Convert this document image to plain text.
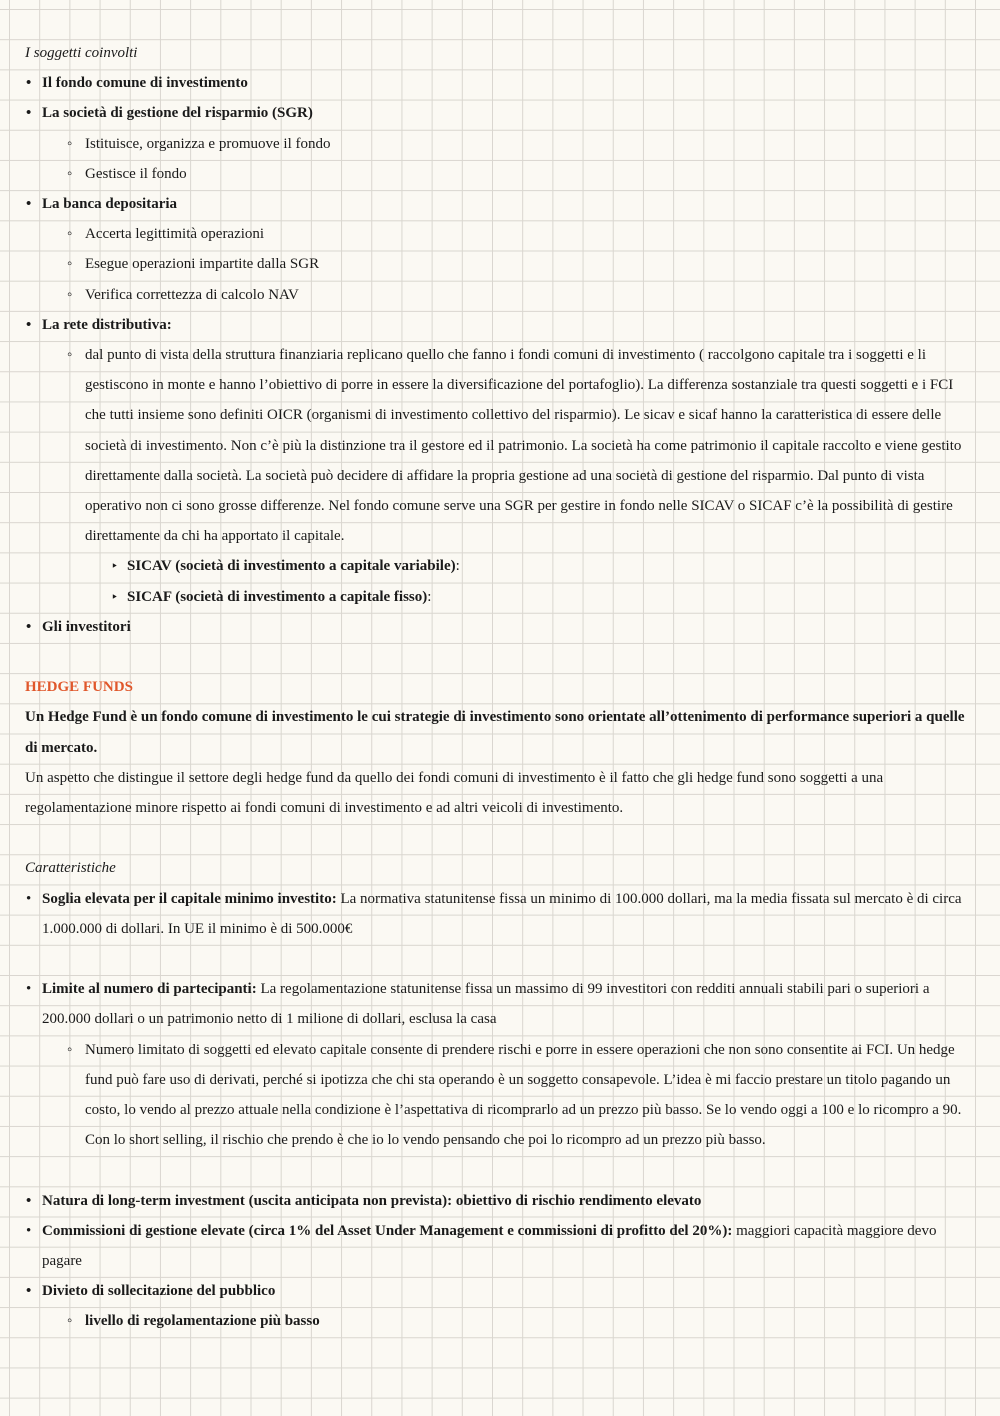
I soggetti coinvolti

• Il fondo comune di investimento
• La società di gestione del risparmio (SGR)
◦ Istituisce, organizza e promuove il fondo
◦ Gestisce il fondo
• La banca depositaria
◦ Accerta legittimità operazioni
◦ Esegue operazioni impartite dalla SGR
◦ Verifica correttezza di calcolo NAV
• La rete distributiva:
◦ dal punto di vista della struttura finanziaria replicano quello che fanno i fondi comuni di investimento ( raccolgono capitale tra i soggetti e li gestiscono in monte e hanno l’obiettivo di porre in essere la diversificazione del portafoglio). La differenza sostanziale tra questi soggetti e i FCI che tutti insieme sono definiti OICR (organismi di investimento collettivo del risparmio). Le sicav e sicaf hanno la caratteristica di essere delle società di investimento. Non c’è più la distinzione tra il gestore ed il patrimonio. La società ha come patrimonio il capitale raccolto e viene gestito direttamente dalla società. La società può decidere di affidare la propria gestione ad una società di gestione del risparmio. Dal punto di vista operativo non ci sono grosse differenze. Nel fondo comune serve una SGR per gestire in fondo nelle SICAV o SICAF c’è la possibilità di gestire direttamente da chi ha apportato il capitale.
‣ SICAV (società di investimento a capitale variabile):
‣ SICAF (società di investimento a capitale fisso):
• Gli investitori

HEDGE FUNDS

Un Hedge Fund è un fondo comune di investimento le cui strategie di investimento sono orientate all’ottenimento di performance superiori a quelle di mercato.

Un aspetto che distingue il settore degli hedge fund da quello dei fondi comuni di investimento è il fatto che gli hedge fund sono soggetti a una regolamentazione minore rispetto ai fondi comuni di investimento e ad altri veicoli di investimento.

Caratteristiche

• Soglia elevata per il capitale minimo investito: La normativa statunitense fissa un minimo di 100.000 dollari, ma la media fissata sul mercato è di circa 1.000.000 di dollari. In UE il minimo è di 500.000€
• Limite al numero di partecipanti: La regolamentazione statunitense fissa un massimo di 99 investitori con redditi annuali stabili pari o superiori a 200.000 dollari o un patrimonio netto di 1 milione di dollari, esclusa la casa
◦ Numero limitato di soggetti ed elevato capitale consente di prendere rischi e porre in essere operazioni che non sono consentite ai FCI. Un hedge fund può fare uso di derivati, perché si ipotizza che chi sta operando è un soggetto consapevole. L’idea è mi faccio prestare un titolo pagando un costo, lo vendo al prezzo attuale nella condizione è l’aspettativa di ricomprarlo ad un prezzo più basso. Se lo vendo oggi a 100 e lo ricompro a 90. Con lo short selling, il rischio che prendo è che io lo vendo pensando che poi lo ricompro ad un prezzo più basso.
• Natura di long-term investment (uscita anticipata non prevista): obiettivo di rischio rendimento elevato
• Commissioni di gestione elevate (circa 1% del Asset Under Management e commissioni di profitto del 20%): maggiori capacità maggiore devo pagare
• Divieto di sollecitazione del pubblico
◦ livello di regolamentazione più basso
